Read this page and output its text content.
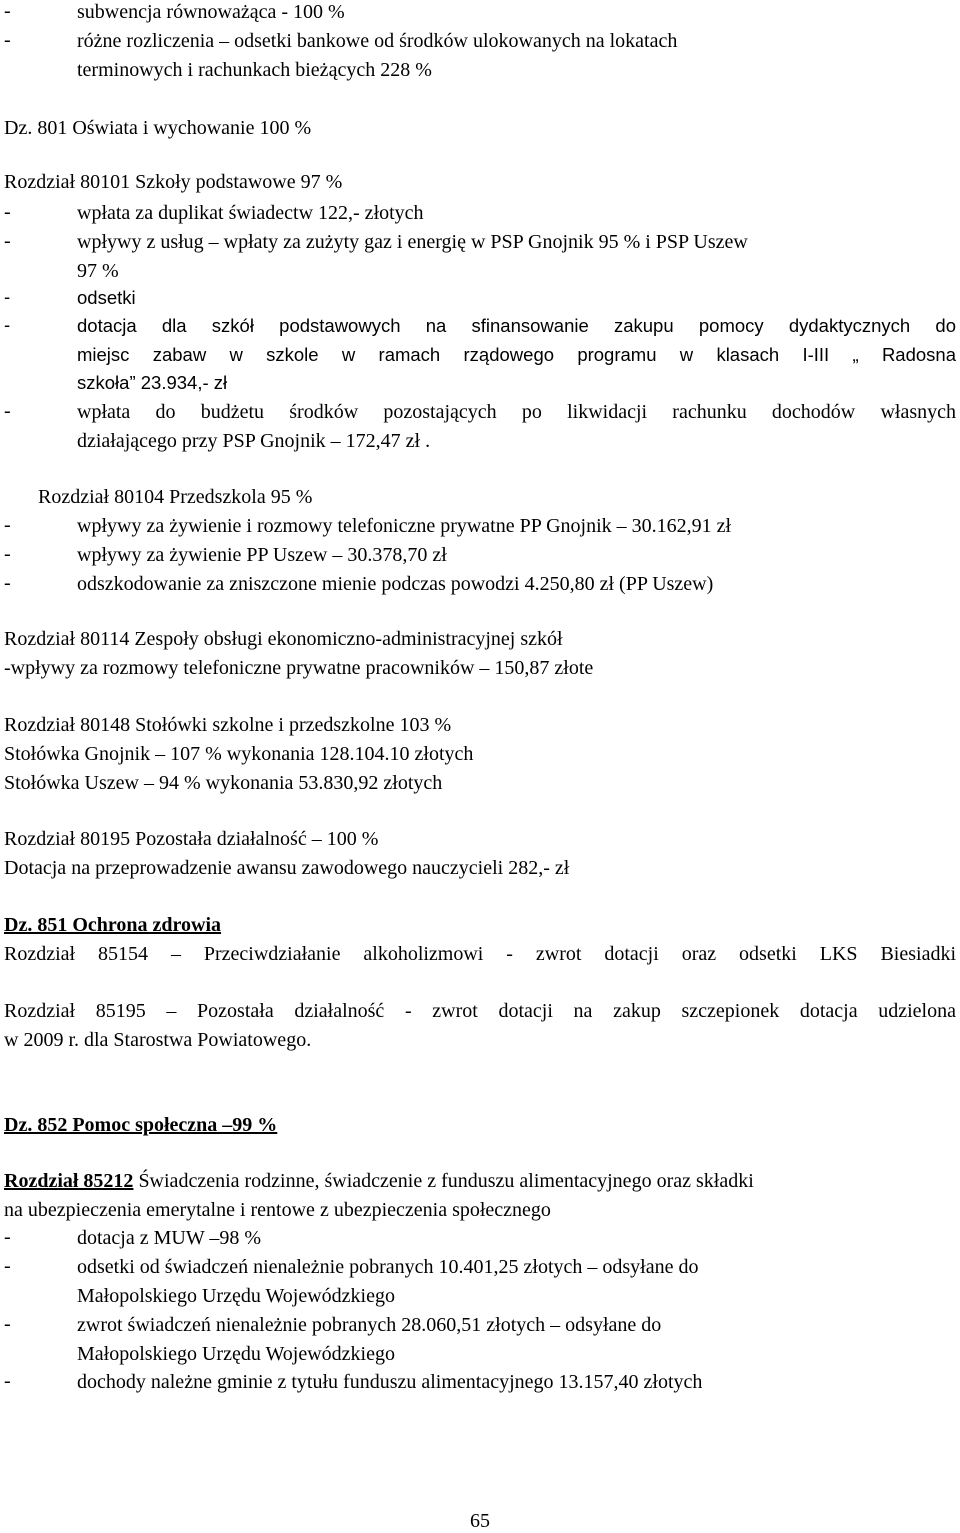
-	subwencja równoważąca - 100 %
-	różne rozliczenia – odsetki bankowe od środków ulokowanych na lokatach
terminowych i rachunkach bieżących 228 %
Dz. 801 Oświata i wychowanie 100 %
Rozdział 80101 Szkoły podstawowe 97 %
-	wpłata za duplikat świadectw 122,- złotych
-	wpływy z usług – wpłaty za zużyty gaz i energię w PSP Gnojnik 95 % i PSP Uszew
97 %
-	odsetki
-	dotacja dla szkół podstawowych na sfinansowanie zakupu pomocy dydaktycznych do
miejsc zabaw w szkole w ramach rządowego programu w klasach I-III „ Radosna
szkoła” 23.934,- zł
-	wpłata do budżetu środków pozostających po likwidacji rachunku dochodów własnych
działającego przy PSP Gnojnik – 172,47 zł .
Rozdział 80104 Przedszkola 95 %
-	wpływy za żywienie i rozmowy telefoniczne prywatne PP Gnojnik – 30.162,91 zł
-	wpływy za żywienie PP Uszew – 30.378,70 zł
-	odszkodowanie za zniszczone mienie podczas powodzi 4.250,80 zł (PP Uszew)
Rozdział 80114 Zespoły obsługi ekonomiczno-administracyjnej szkół
-wpływy za rozmowy telefoniczne prywatne pracowników – 150,87 złote
Rozdział 80148 Stołówki szkolne i przedszkolne 103 %
Stołówka Gnojnik – 107 % wykonania 128.104.10 złotych
Stołówka Uszew – 94 % wykonania 53.830,92 złotych
Rozdział 80195 Pozostała działalność – 100 %
Dotacja na przeprowadzenie awansu zawodowego nauczycieli 282,- zł
Dz. 851 Ochrona zdrowia
Rozdział 85154 – Przeciwdziałanie alkoholizmowi - zwrot dotacji oraz odsetki LKS Biesiadki
Rozdział 85195 – Pozostała działalność - zwrot dotacji na zakup szczepionek dotacja udzielona
w 2009 r. dla Starostwa Powiatowego.
Dz. 852 Pomoc społeczna –99 %
Rozdział 85212 Świadczenia rodzinne, świadczenie z funduszu alimentacyjnego oraz składki
na ubezpieczenia emerytalne i rentowe z ubezpieczenia społecznego
-	dotacja z MUW –98 %
-	odsetki od świadczeń nienależnie pobranych 10.401,25 złotych – odsyłane do
Małopolskiego Urzędu Wojewódzkiego
-	zwrot świadczeń nienależnie pobranych 28.060,51 złotych – odsyłane do
Małopolskiego Urzędu Wojewódzkiego
-	dochody należne gminie z tytułu funduszu alimentacyjnego 13.157,40 złotych
65
